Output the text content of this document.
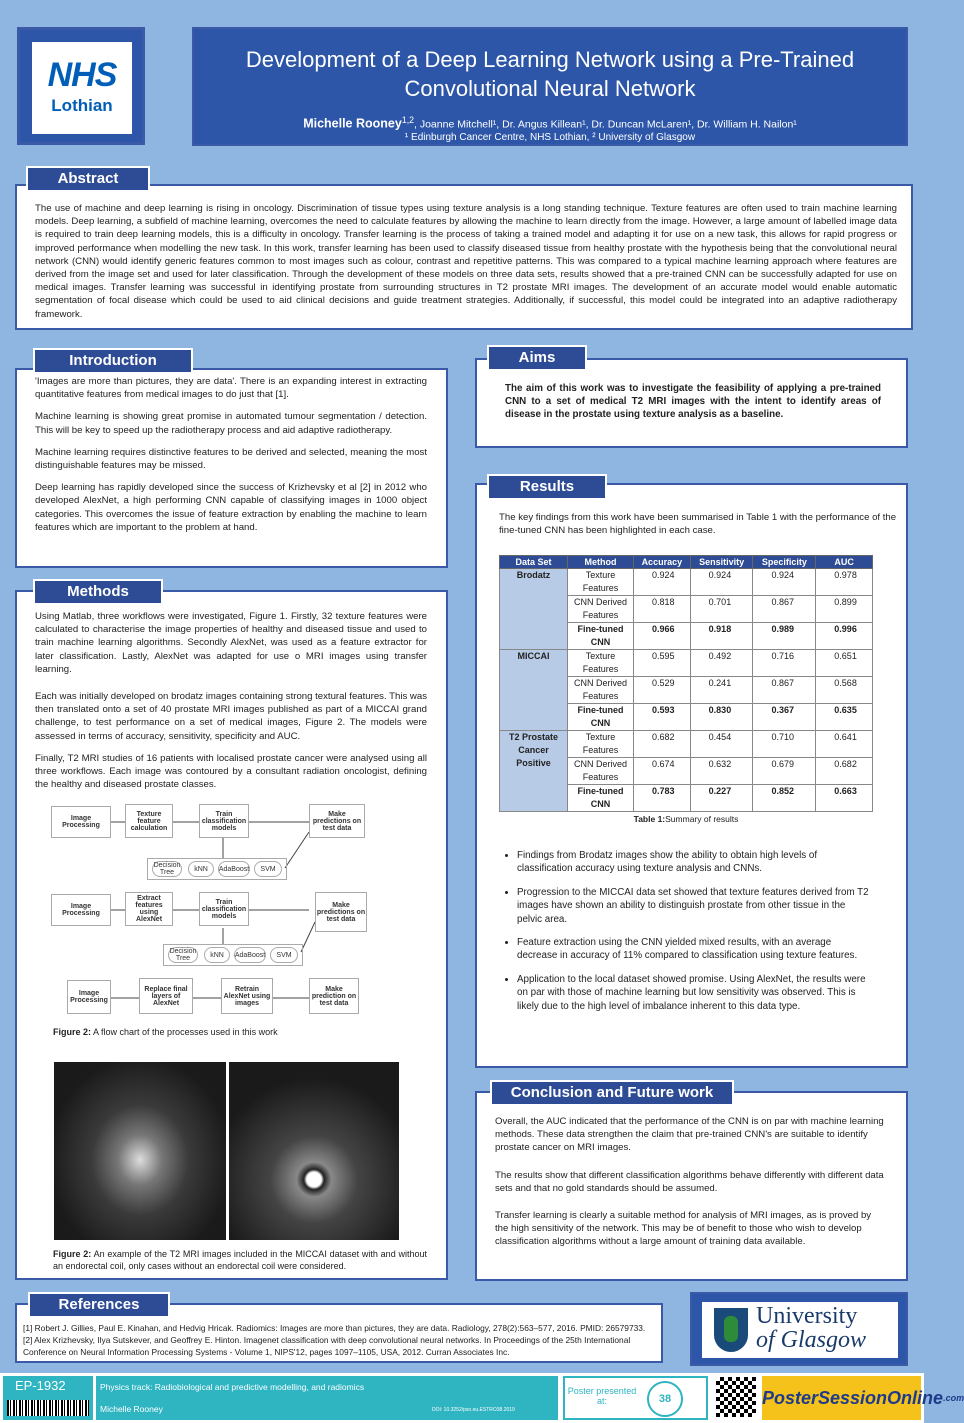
NHS
Lothian
Development of a Deep Learning Network using a Pre-Trained Convolutional Neural Network
Michelle Rooney$^{1,2}$, Joanne Mitchell¹, Dr. Angus Killean¹, Dr. Duncan McLaren¹, Dr. William H. Nailon¹
¹ Edinburgh Cancer Centre, NHS Lothian, ² University of Glasgow
The use of machine and deep learning is rising in oncology. Discrimination of tissue types using texture analysis is a long standing technique. Texture features are often used to train machine learning models. Deep learning, a subfield of machine learning, overcomes the need to calculate features by allowing the machine to learn directly from the image. However, a large amount of labelled image data is required to train deep learning models, this is a difficulty in oncology. Transfer learning is the process of taking a trained model and adapting it for use on a new task, this allows for rapid progress or improved performance when modelling the new task. In this work, transfer learning has been used to classify diseased tissue from healthy prostate with the hypothesis being that the convolutional neural network (CNN) would identify generic features common to most images such as colour, contrast and repetitive patterns. This was compared to a typical machine learning approach where features are derived from the image set and used for later classification. Through the development of these models on three data sets, results showed that a pre-trained CNN can be successfully adapted for use on medical images. Transfer learning was successful in identifying prostate from surrounding structures in T2 prostate MRI images. The development of an accurate model would enable automatic segmentation of focal disease which could be used to aid clinical decisions and guide treatment strategies. Additionally, if successful, this model could be integrated into an adaptive radiotherapy framework.
Abstract

'Images are more than pictures, they are data'. There is an expanding interest in extracting quantitative features from medical images to do just that [1].

Machine learning is showing great promise in automated tumour segmentation / detection. This will be key to speed up the radiotherapy process and aid adaptive radiotherapy.

Machine learning requires distinctive features to be derived and selected, meaning the most distinguishable features may be missed.

Deep learning has rapidly developed since the success of Krizhevsky et al [2] in 2012 who developed AlexNet, a high performing CNN capable of classifying images in 1000 object categories. This overcomes the issue of feature extraction by enabling the machine to learn features which are important to the problem at hand.

Introduction

Using Matlab, three workflows were investigated, Figure 1. Firstly, 32 texture features were calculated to characterise the image properties of healthy and diseased tissue and used to train machine learning algorithms. Secondly AlexNet, was used as a feature extractor for later classification. Lastly, AlexNet was adapted for use o MRI images using transfer learning.

Each was initially developed on brodatz images containing strong textural features. This was then translated onto a set of 40 prostate MRI images published as part of a MICCAI grand challenge, to test performance on a set of medical images, Figure 2. The models were assessed in terms of accuracy, sensitivity, specificity and AUC.

Finally, T2 MRI studies of 16 patients with localised prostate cancer were analysed using all three workflows. Each image was contoured by a consultant radiation oncologist, defining the healthy and diseased prostate classes.

Image Processing
Texture feature calculation
Train classification models
Make predictions on test data
Decision Tree	kNN	AdaBoost	SVM
Image Processing
Extract features using AlexNet
Train classification models
Make predictions on test data
Decision Tree	kNN	AdaBoost	SVM
Image Processing
Replace final layers of AlexNet
Retrain AlexNet using images
Make prediction on test data
Figure 2: A flow chart of the processes used in this work
Figure 2: An example of the T2 MRI images included in the MICCAI dataset with and without an endorectal coil, only cases without an endorectal coil were considered.
Methods
The aim of this work was to investigate the feasibility of applying a pre-trained CNN to a set of medical T2 MRI images with the intent to identify areas of disease in the prostate using texture analysis as a baseline.
Aims
The key findings from this work have been summarised in Table 1 with the performance of the fine-tuned CNN has been highlighted in each case.
Data Set	Method	Accuracy	Sensitivity	Specificity	AUC
Brodatz	Texture Features	0.924	0.924	0.924	0.978
	CNN Derived Features	0.818	0.701	0.867	0.899
	Fine-tuned CNN	0.966	0.918	0.989	0.996
MICCAI	Texture Features	0.595	0.492	0.716	0.651
	CNN Derived Features	0.529	0.241	0.867	0.568
	Fine-tuned CNN	0.593	0.830	0.367	0.635
T2 Prostate Cancer Positive	Texture Features	0.682	0.454	0.710	0.641
	CNN Derived Features	0.674	0.632	0.679	0.682
	Fine-tuned CNN	0.783	0.227	0.852	0.663
Table 1:Summary of results
• Findings from Brodatz images show the ability to obtain high levels of classification accuracy using texture analysis and CNNs.
• Progression to the MICCAI data set showed that texture features derived from T2 images have shown an ability to distinguish prostate from other tissue in the pelvic area.
• Feature extraction using the CNN yielded mixed results, with an average decrease in accuracy of 11% compared to classification using texture features.
• Application to the local dataset showed promise. Using AlexNet, the results were on par with those of machine learning but low sensitivity was observed. This is likely due to the high level of imbalance inherent to this data type.
Results

Overall, the AUC indicated that the performance of the CNN is on par with machine learning methods. These data strengthen the claim that pre-trained CNN's are suitable to identify prostate cancer on MRI images.

The results show that different classification algorithms behave differently with different data sets and that no gold standards should be assumed.

Transfer learning is clearly a suitable method for analysis of MRI images, as is proved by the high sensitivity of the network. This may be of benefit to those who wish to develop classification algorithms without a large amount of training data available.

Conclusion and Future work
[1] Robert J. Gillies, Paul E. Kinahan, and Hedvig Hricak. Radiomics: Images are more than pictures, they are data. Radiology, 278(2):563–577, 2016. PMID: 26579733.
[2] Alex Krizhevsky, Ilya Sutskever, and Geoffrey E. Hinton. Imagenet classification with deep convolutional neural networks. In Proceedings of the 25th International Conference on Neural Information Processing Systems - Volume 1, NIPS'12, pages 1097–1105, USA, 2012. Curran Associates Inc.
References	University
of Glasgow
EP-1932	Physics track: Radiobiological and predictive modelling, and radiomics
Michelle Rooney	DOI: 10.3252/pso.eu.ESTRO38.2019
Poster presented at:	38	PosterSessionOnline$^{.com}$
